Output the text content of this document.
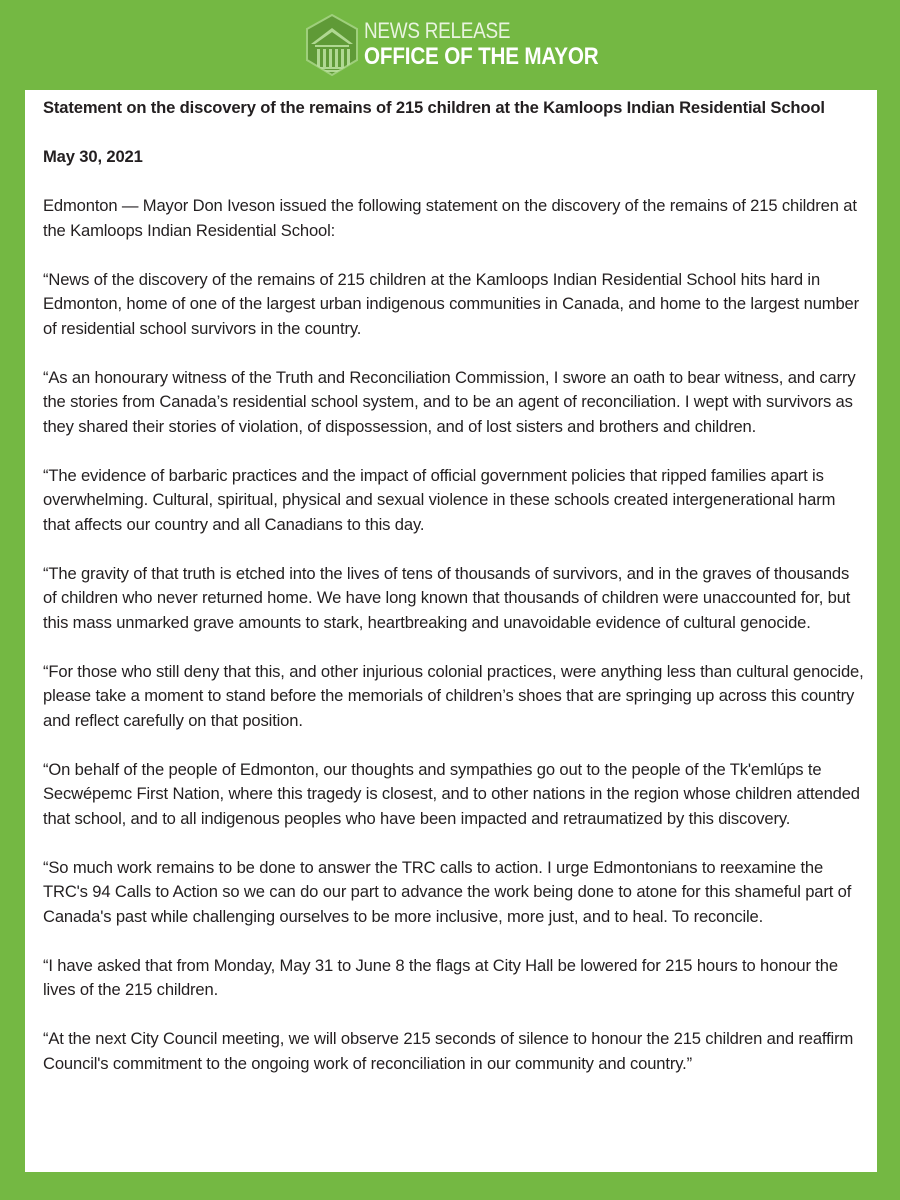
NEWS RELEASE
OFFICE OF THE MAYOR

Statement on the discovery of the remains of 215 children at the Kamloops Indian Residential School

May 30, 2021

Edmonton — Mayor Don Iveson issued the following statement on the discovery of the remains of 215 children at the Kamloops Indian Residential School:

“News of the discovery of the remains of 215 children at the Kamloops Indian Residential School hits hard in Edmonton, home of one of the largest urban indigenous communities in Canada, and home to the largest number of residential school survivors in the country.

“As an honourary witness of the Truth and Reconciliation Commission, I swore an oath to bear witness, and carry the stories from Canada’s residential school system, and to be an agent of reconciliation. I wept with survivors as they shared their stories of violation, of dispossession, and of lost sisters and brothers and children.

“The evidence of barbaric practices and the impact of official government policies that ripped families apart is overwhelming. Cultural, spiritual, physical and sexual violence in these schools created intergenerational harm that affects our country and all Canadians to this day.

“The gravity of that truth is etched into the lives of tens of thousands of survivors, and in the graves of thousands of children who never returned home. We have long known that thousands of children were unaccounted for, but this mass unmarked grave amounts to stark, heartbreaking and unavoidable evidence of cultural genocide.

“For those who still deny that this, and other injurious colonial practices, were anything less than cultural genocide, please take a moment to stand before the memorials of children’s shoes that are springing up across this country and reflect carefully on that position.

“On behalf of the people of Edmonton, our thoughts and sympathies go out to the people of the Tk'emlúps te Secwépemc First Nation, where this tragedy is closest, and to other nations in the region whose children attended that school, and to all indigenous peoples who have been impacted and retraumatized by this discovery.

“So much work remains to be done to answer the TRC calls to action. I urge Edmontonians to reexamine the TRC's 94 Calls to Action so we can do our part to advance the work being done to atone for this shameful part of Canada's past while challenging ourselves to be more inclusive, more just, and to heal. To reconcile.

“I have asked that from Monday, May 31 to June 8 the flags at City Hall be lowered for 215 hours to honour the lives of the 215 children.

“At the next City Council meeting, we will observe 215 seconds of silence to honour the 215 children and reaffirm Council's commitment to the ongoing work of reconciliation in our community and country.”
